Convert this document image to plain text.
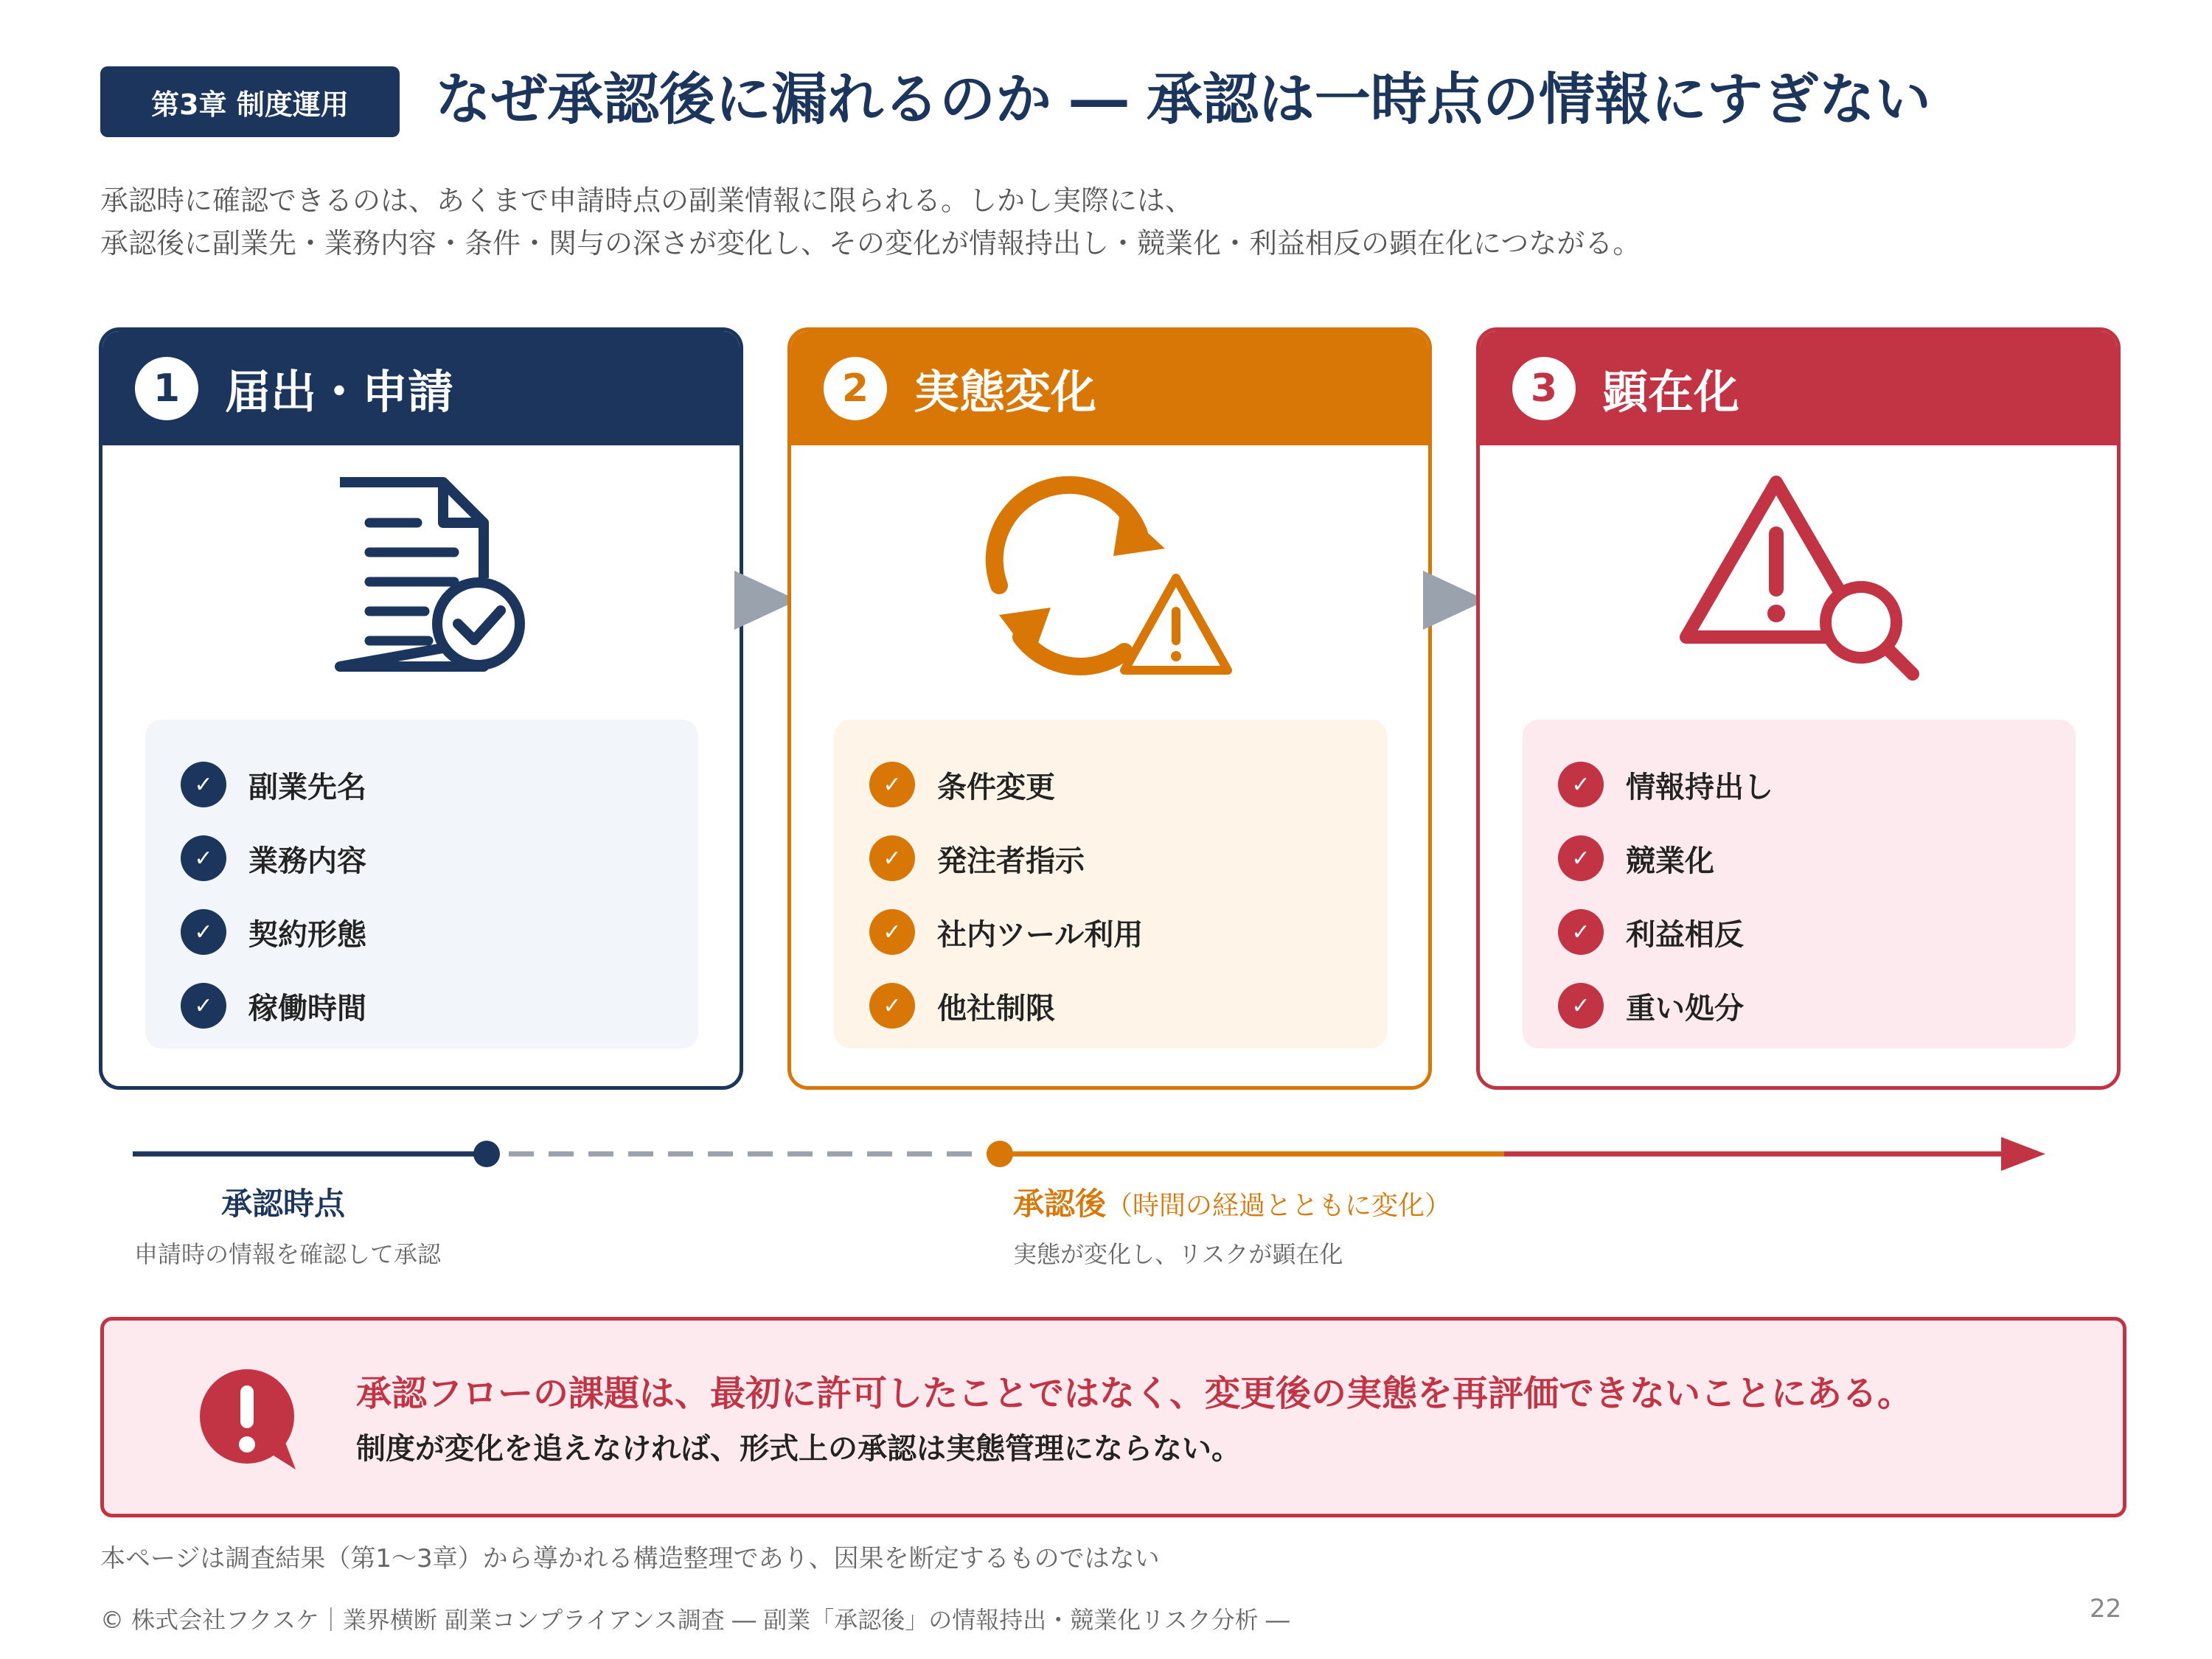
第3章 制度運用	なぜ承認後に漏れるのか ― 承認は一時点の情報にすぎない
承認時に確認できるのは、あくまで申請時点の副業情報に限られる。しかし実際には、
承認後に副業先・業務内容・条件・関与の深さが変化し、その変化が情報持出し・競業化・利益相反の顕在化につながる。
1 届出・申請
✓	副業先名
✓	業務内容
✓	契約形態
✓	稼働時間
2 実態変化
✓	条件変更
✓	発注者指示
✓	社内ツール利用
✓	他社制限
3 顕在化
✓	情報持出し
✓	競業化
✓	利益相反
✓	重い処分
承認時点
申請時の情報を確認して承認
承認後（時間の経過とともに変化）
実態が変化し、リスクが顕在化
承認フローの課題は、最初に許可したことではなく、変更後の実態を再評価できないことにある。
制度が変化を追えなければ、形式上の承認は実態管理にならない。
本ページは調査結果（第1〜3章）から導かれる構造整理であり、因果を断定するものではない
© 株式会社フクスケ｜業界横断 副業コンプライアンス調査 ― 副業「承認後」の情報持出・競業化リスク分析 ―	22
